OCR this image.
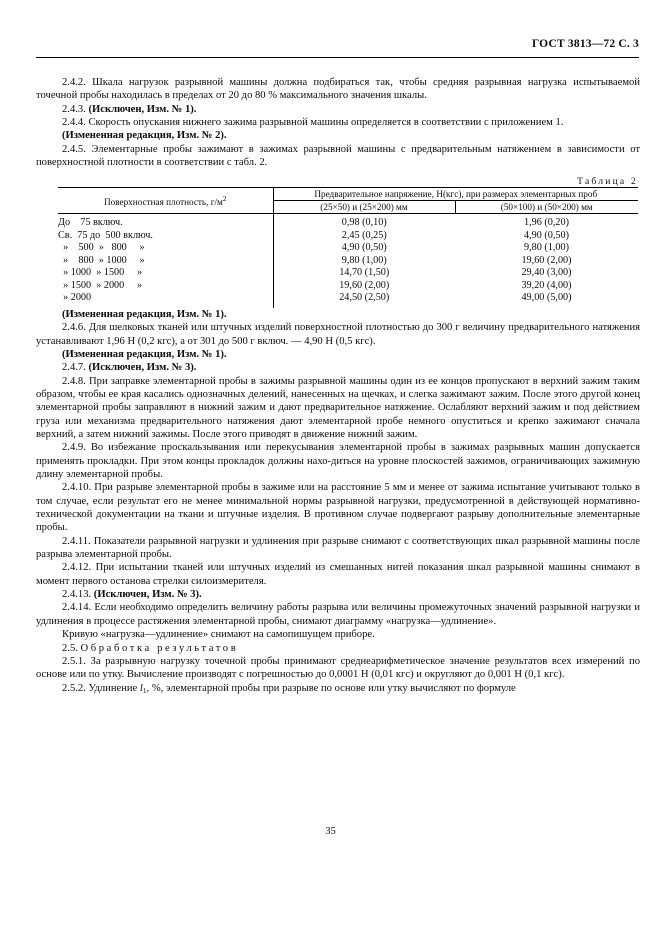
ГОСТ 3813—72 С. 3

2.4.2. Шкала нагрузок разрывной машины должна подбираться так, чтобы средняя разрывная нагрузка испытываемой точечной пробы находилась в пределах от 20 до 80 % максимального значения шкалы.

2.4.3. (Исключен, Изм. № 1).

2.4.4. Скорость опускания нижнего зажима разрывной машины определяется в соответствии с приложением 1.

(Измененная редакция, Изм. № 2).

2.4.5. Элементарные пробы зажимают в зажимах разрывной машины с предварительным натяжением в зависимости от поверхностной плотности в соответствии с табл. 2.

Таблица 2

Поверхностная плотность, $г/м^2$	Предварительное напряжение, Н(кгс), при размерах элементарных проб	
	(25×50) и (25×200) мм	(50×100) и (50×200) мм
До    75 включ.	0,98 (0,10)	1,96 (0,20)
Св.  75 до  500 включ.	2,45 (0,25)	4,90 (0,50)
»    500  »   800     »	4,90 (0,50)	9,80 (1,00)
»    800  » 1000     »	9,80 (1,00)	19,60 (2,00)
» 1000  » 1500     »	14,70 (1,50)	29,40 (3,00)
» 1500  » 2000     »	19,60 (2,00)	39,20 (4,00)
» 2000	24,50 (2,50)	49,00 (5,00)

(Измененная редакция, Изм. № 1).

2.4.6. Для шелковых тканей или штучных изделий поверхностной плотностью до 300 г величину предварительного натяжения устанавливают 1,96 Н (0,2 кгс), а от 301 до 500 г включ. — 4,90 Н (0,5 кгс).

(Измененная редакция, Изм. № 1).

2.4.7. (Исключен, Изм. № 3).

2.4.8. При заправке элементарной пробы в зажимы разрывной машины один из ее концов пропускают в верхний зажим таким образом, чтобы ее края касались однозначных делений, нанесенных на щечках, и слегка зажимают зажим. После этого другой конец элементарной пробы заправляют в нижний зажим и дают предварительное натяжение. Ослабляют верхний зажим и под действием груза или механизма предварительного натяжения дают элементарной пробе немного опуститься и крепко зажимают сначала верхний, а затем нижний зажимы. После этого приводят в движение нижний зажим.

2.4.9. Во избежание проскальзывания или перекусывания элементарной пробы в зажимах разрывных машин допускается применять прокладки. При этом концы прокладок должны нахо-диться на уровне плоскостей зажимов, ограничивающих зажимную длину элементарной пробы.

2.4.10. При разрыве элементарной пробы в зажиме или на расстояние 5 мм и менее от зажима испытание учитывают только в том случае, если результат его не менее минимальной нормы разрывной нагрузки, предусмотренной в действующей нормативно-технической документации на ткани и штучные изделия. В противном случае подвергают разрыву дополнительные элементарные пробы.

2.4.11. Показатели разрывной нагрузки и удлинения при разрыве снимают с соответствующих шкал разрывной машины после разрыва элементарной пробы.

2.4.12. При испытании тканей или штучных изделий из смешанных нитей показания шкал разрывной машины снимают в момент первого останова стрелки силоизмерителя.

2.4.13. (Исключен, Изм. № 3).

2.4.14. Если необходимо определить величину работы разрыва или величины промежуточных значений разрывной нагрузки и удлинения в процессе растяжения элементарной пробы, снимают диаграмму «нагрузка—удлинение».

Кривую «нагрузка—удлинение» снимают на самопишущем приборе.

2.5. Обработка результатов

2.5.1. За разрывную нагрузку точечной пробы принимают среднеарифметическое значение результатов всех измерений по основе или по утку. Вычисление производят с погрешностью до 0,0001 Н (0,01 кгс) и округляют до 0,001 Н (0,1 кгс).

2.5.2. Удлинение $l_1$, %, элементарной пробы при разрыве по основе или утку вычисляют по формуле

35
